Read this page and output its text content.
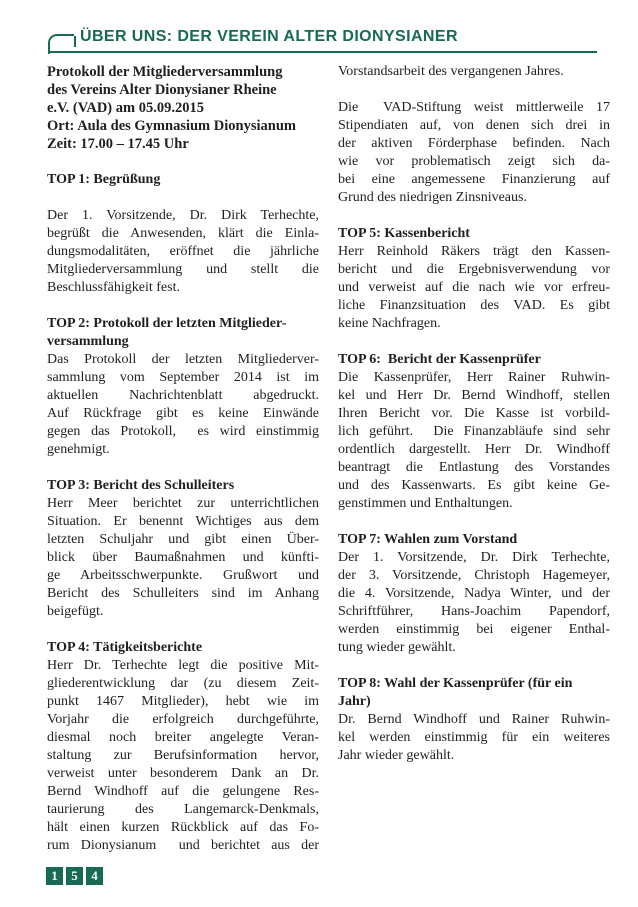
ÜBER UNS: DER VEREIN ALTER DIONYSIANER
Protokoll der Mitgliederversammlung
des Vereins Alter Dionysianer Rheine
e.V. (VAD) am 05.09.2015
Ort: Aula des Gymnasium Dionysianum
Zeit: 17.00 – 17.45 Uhr
TOP 1: Begrüßung
Der 1. Vorsitzende, Dr. Dirk Terhechte,
begrüßt die Anwesenden, klärt die Einla-
dungsmodalitäten, eröffnet die jährliche
Mitgliederversammlung und stellt die
Beschlussfähigkeit fest.
TOP 2: Protokoll der letzten Mitglieder-
versammlung
Das Protokoll der letzten Mitgliederver-
sammlung vom September 2014 ist im
aktuellen Nachrichtenblatt abgedruckt.
Auf Rückfrage gibt es keine Einwände
gegen das Protokoll,  es wird einstimmig
genehmigt.
TOP 3: Bericht des Schulleiters
Herr Meer berichtet zur unterrichtlichen
Situation. Er benennt Wichtiges aus dem
letzten Schuljahr und gibt einen Über-
blick über Baumaßnahmen und künfti-
ge Arbeitsschwerpunkte. Grußwort und
Bericht des Schulleiters sind im Anhang
beigefügt.
TOP 4: Tätigkeitsberichte
Herr Dr. Terhechte legt die positive Mit-
gliederentwicklung dar (zu diesem Zeit-
punkt 1467 Mitglieder), hebt wie im
Vorjahr die erfolgreich durchgeführte,
diesmal noch breiter angelegte Veran-
staltung zur Berufsinformation hervor,
verweist unter besonderem Dank an Dr.
Bernd Windhoff auf die gelungene Res-
taurierung des Langemarck-Denkmals,
hält einen kurzen Rückblick auf das Fo-
rum Dionysianum  und berichtet aus der
Vorstandsarbeit des vergangenen Jahres.
Die  VAD-Stiftung weist mittlerweile 17
Stipendiaten auf, von denen sich drei in
der aktiven Förderphase befinden. Nach
wie vor problematisch zeigt sich da-
bei eine angemessene Finanzierung auf
Grund des niedrigen Zinsniveaus.
TOP 5: Kassenbericht
Herr Reinhold Räkers trägt den Kassen-
bericht und die Ergebnisverwendung vor
und verweist auf die nach wie vor erfreu-
liche Finanzsituation des VAD. Es gibt
keine Nachfragen.
TOP 6:  Bericht der Kassenprüfer
Die Kassenprüfer, Herr Rainer Ruhwin-
kel und Herr Dr. Bernd Windhoff, stellen
Ihren Bericht vor. Die Kasse ist vorbild-
lich geführt.  Die Finanzabläufe sind sehr
ordentlich dargestellt. Herr Dr. Windhoff
beantragt die Entlastung des Vorstandes
und des Kassenwarts. Es gibt keine Ge-
genstimmen und Enthaltungen.
TOP 7: Wahlen zum Vorstand
Der 1. Vorsitzende, Dr. Dirk Terhechte,
der 3. Vorsitzende, Christoph Hagemeyer,
die 4. Vorsitzende, Nadya Winter, und der
Schriftführer, Hans-Joachim Papendorf,
werden einstimmig bei eigener Enthal-
tung wieder gewählt.
TOP 8: Wahl der Kassenprüfer (für ein
Jahr)
Dr. Bernd Windhoff und Rainer Ruhwin-
kel werden einstimmig für ein weiteres
Jahr wieder gewählt.
1	5	4
